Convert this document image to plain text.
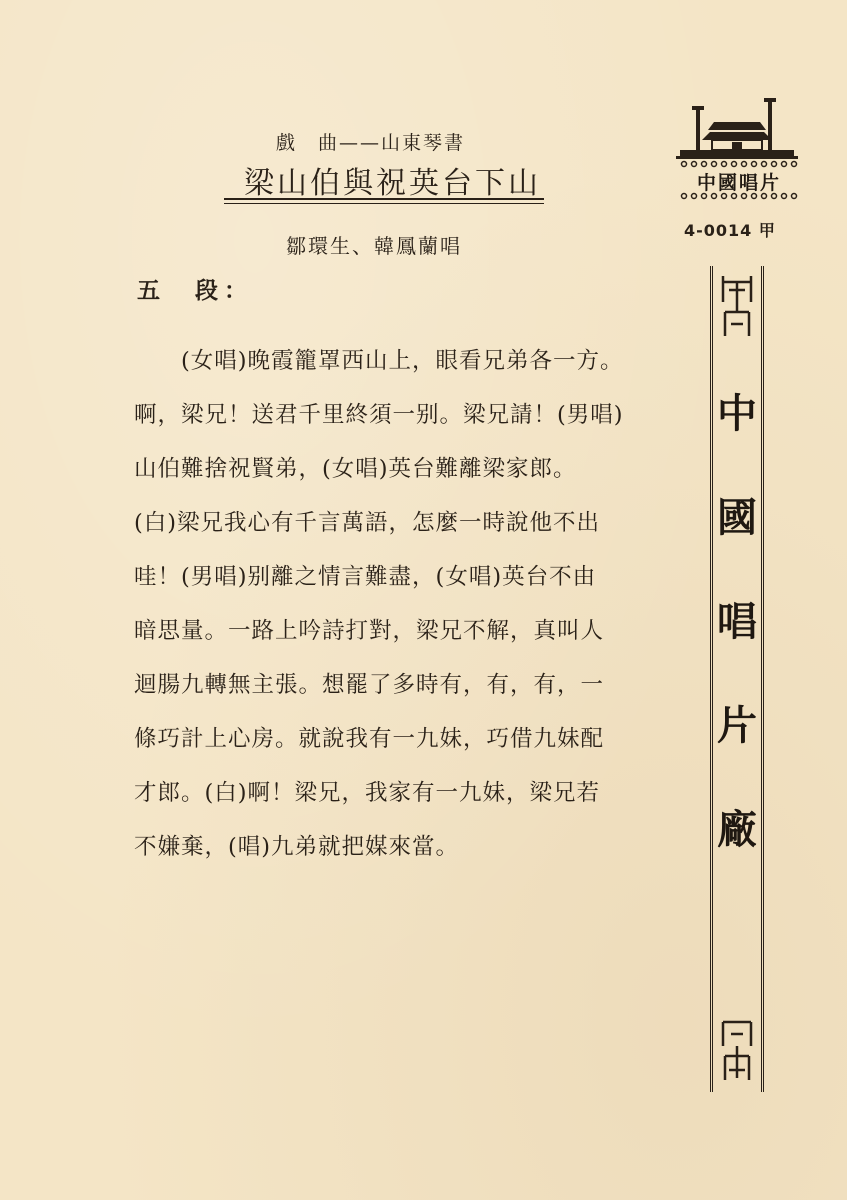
戲　曲——山東琴書
梁山伯與祝英台下山
鄒環生、韓鳳蘭唱
五　段：
　　(女唱)晚霞籠罩西山上，眼看兄弟各一方。
啊，梁兄！送君千里終須一别。梁兄請！(男唱)
山伯難捨祝賢弟，(女唱)英台難離梁家郎。
(白)梁兄我心有千言萬語，怎麼一時說他不出
哇！(男唱)别離之情言難盡，(女唱)英台不由
暗思量。一路上吟詩打對，梁兄不解，真叫人
迴腸九轉無主張。想罷了多時有，有，有，一
條巧計上心房。就說我有一九妹，巧借九妹配
才郎。(白)啊！梁兄，我家有一九妹，梁兄若
不嫌棄，(唱)九弟就把媒來當。
中國唱片
4-0014 甲
中國唱片廠
